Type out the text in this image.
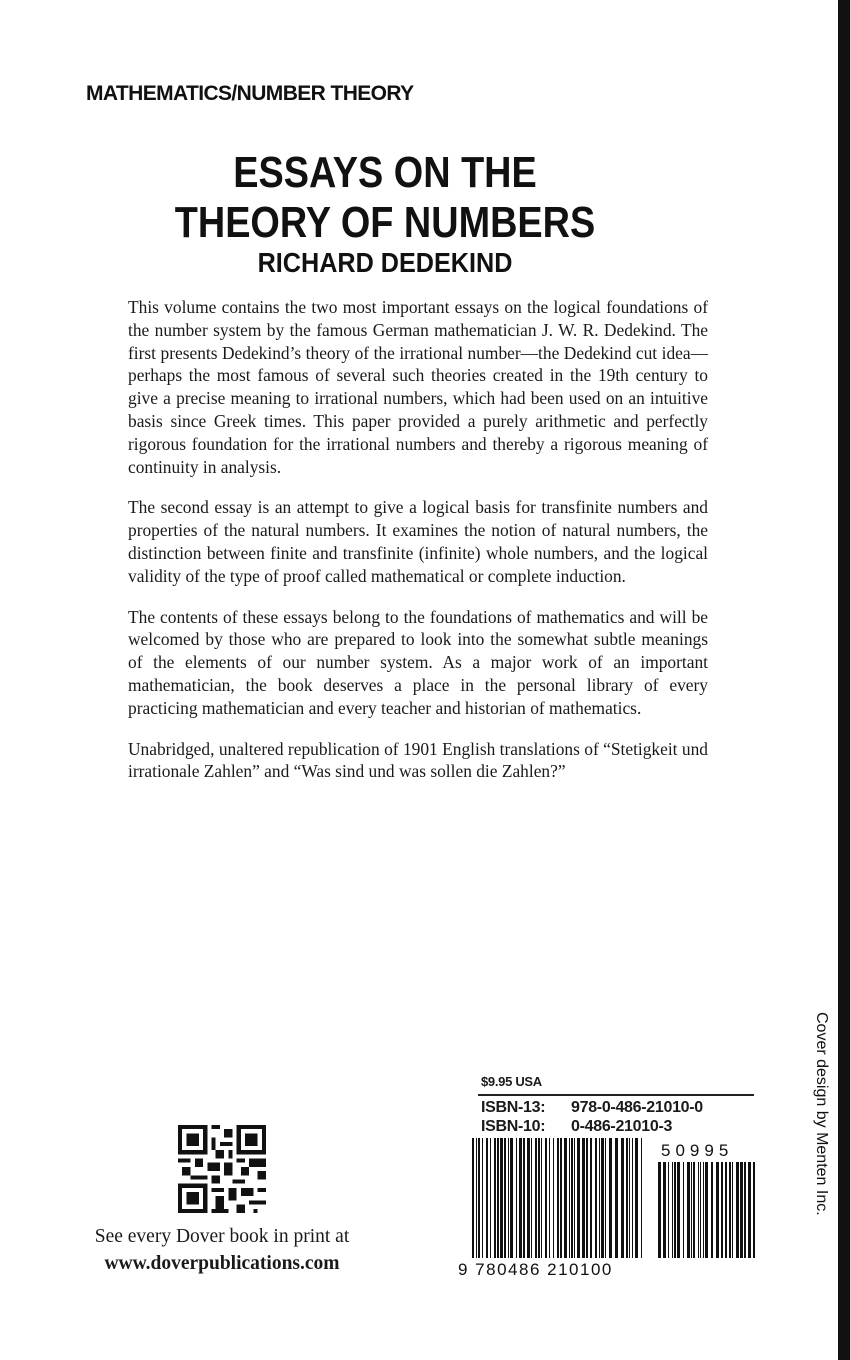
MATHEMATICS/NUMBER THEORY
ESSAYS ON THE
THEORY OF NUMBERS
RICHARD DEDEKIND

This volume contains the two most important essays on the logical foundations of the number system by the famous German mathematician J. W. R. Dedekind. The first presents Dedekind’s theory of the irrational number—the Dedekind cut idea—perhaps the most famous of several such theories created in the 19th century to give a precise meaning to irrational numbers, which had been used on an intuitive basis since Greek times. This paper provided a purely arithmetic and perfectly rigorous foundation for the irrational numbers and thereby a rigorous meaning of continuity in analysis.

The second essay is an attempt to give a logical basis for transfinite numbers and properties of the natural numbers. It examines the notion of natural numbers, the distinction between finite and transfinite (infinite) whole numbers, and the logical validity of the type of proof called mathematical or complete induction.

The contents of these essays belong to the foundations of mathematics and will be welcomed by those who are prepared to look into the somewhat subtle meanings of the elements of our number system. As a major work of an important mathematician, the book deserves a place in the personal library of every practicing mathematician and every teacher and historian of mathematics.

Unabridged, unaltered republication of 1901 English translations of “Stetigkeit und irrationale Zahlen” and “Was sind und was sollen die Zahlen?”

See every Dover book in print at
www.doverpublications.com
$9.95 USA
ISBN-13:	978-0-486-21010-0
ISBN-10:	0-486-21010-3
50995
9 780486 210100
Cover design by Menten Inc.
